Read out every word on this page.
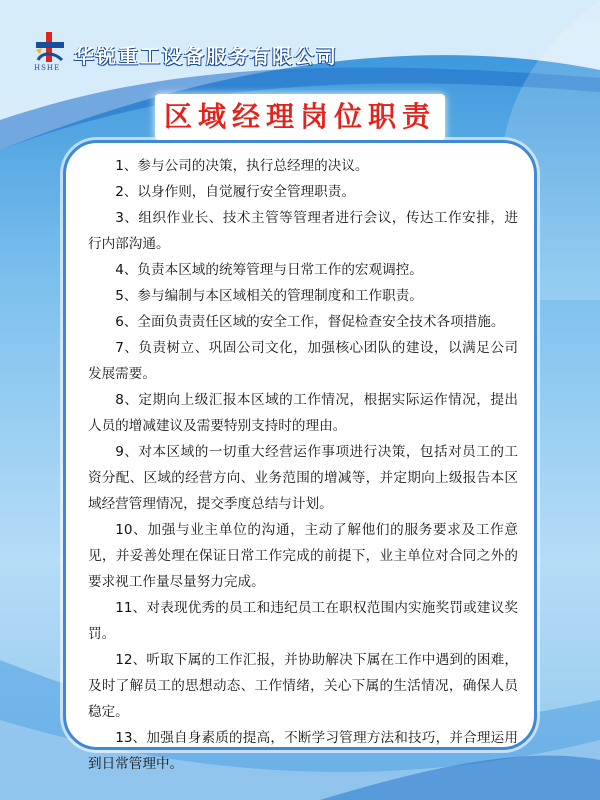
HSHE 华锐重工设备服务有限公司
区域经理岗位职责

1、参与公司的决策，执行总经理的决议。

2、以身作则，自觉履行安全管理职责。

3、组织作业长、技术主管等管理者进行会议，传达工作安排，进行内部沟通。

4、负责本区域的统筹管理与日常工作的宏观调控。

5、参与编制与本区域相关的管理制度和工作职责。

6、全面负责责任区域的安全工作，督促检查安全技术各项措施。

7、负责树立、巩固公司文化，加强核心团队的建设，以满足公司发展需要。

8、定期向上级汇报本区域的工作情况，根据实际运作情况，提出人员的增减建议及需要特别支持时的理由。

9、对本区域的一切重大经营运作事项进行决策，包括对员工的工资分配、区域的经营方向、业务范围的增减等，并定期向上级报告本区域经营管理情况，提交季度总结与计划。

10、加强与业主单位的沟通，主动了解他们的服务要求及工作意见，并妥善处理在保证日常工作完成的前提下，业主单位对合同之外的要求视工作量尽量努力完成。

11、对表现优秀的员工和违纪员工在职权范围内实施奖罚或建议奖罚。

12、听取下属的工作汇报，并协助解决下属在工作中遇到的困难，及时了解员工的思想动态、工作情绪，关心下属的生活情况，确保人员稳定。

13、加强自身素质的提高，不断学习管理方法和技巧，并合理运用到日常管理中。
